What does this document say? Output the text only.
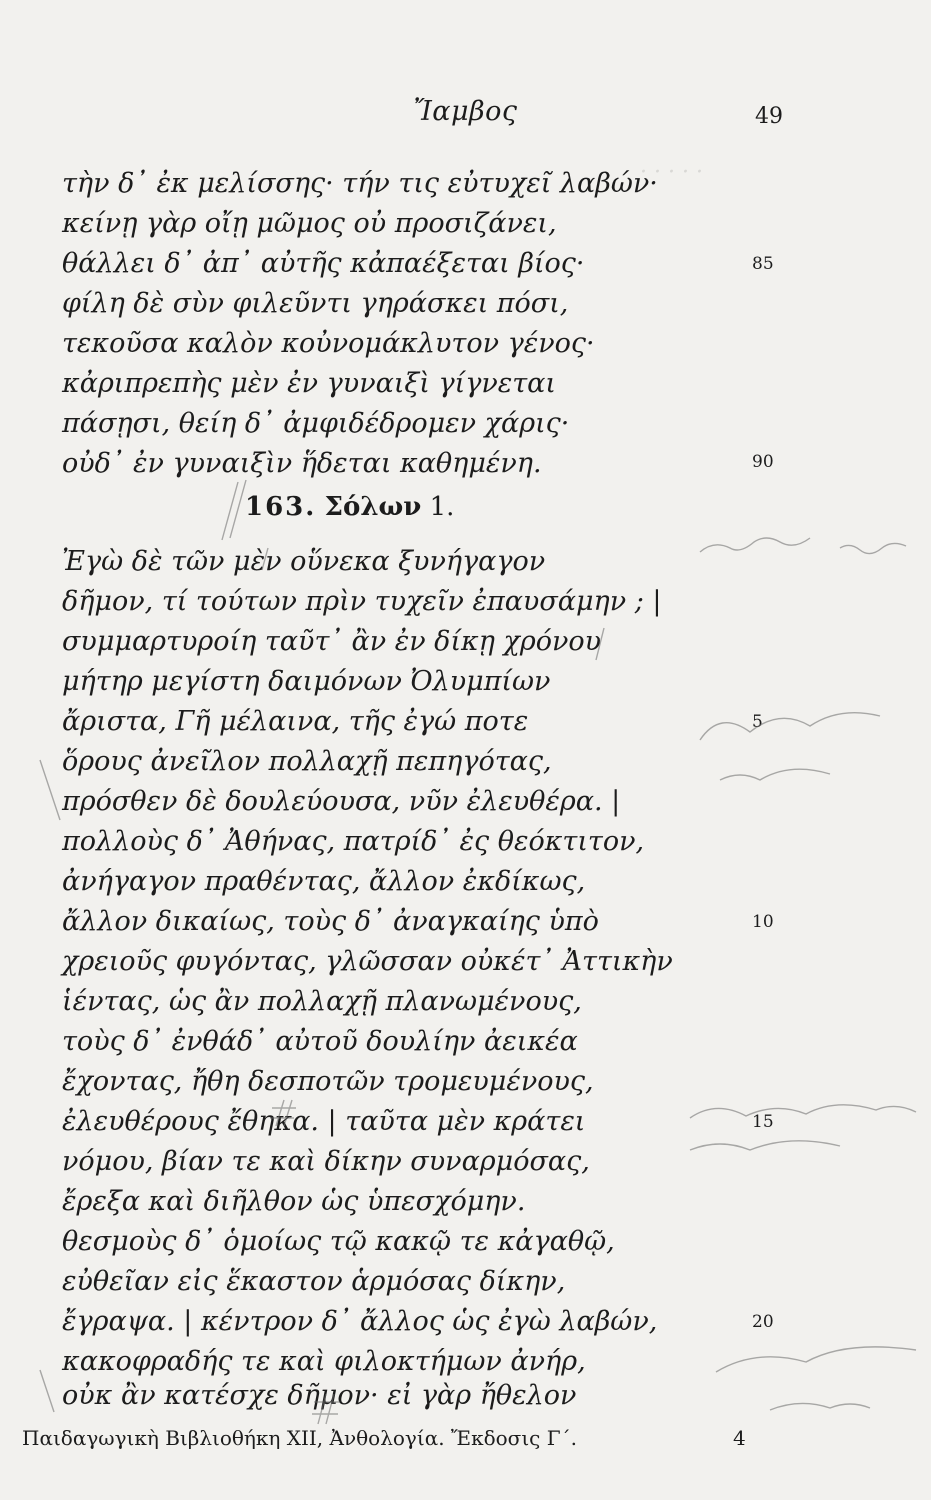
· · · · ·
Ἴαμβος	49
τὴν δ᾿ ἐκ μελίσσης· τήν τις εὐτυχεῖ λαβών·
κείνῃ γὰρ οἴῃ μῶμος οὐ προσιζάνει,
θάλλει δ᾿ ἀπ᾿ αὐτῆς κἀπαέξεται βίος·
φίλη δὲ σὺν φιλεῦντι γηράσκει πόσι,
τεκοῦσα καλὸν κοὐνομάκλυτον γένος·
κἀριπρεπὴς μὲν ἐν γυναιξὶ γίγνεται
πάσῃσι, θείη δ᾿ ἀμφιδέδρομεν χάρις·
οὐδ᾿ ἐν γυναιξὶν ἥδεται καθημένη.
85
90
163. Σόλων 1.
Ἐγὼ δὲ τῶν μὲν οὕνεκα ξυνήγαγον
δῆμον, τί τούτων πρὶν τυχεῖν ἐπαυσάμην ; |
συμμαρτυροίη ταῦτ᾿ ἂν ἐν δίκῃ χρόνου
μήτηρ μεγίστη δαιμόνων Ὀλυμπίων
ἄριστα, Γῆ μέλαινα, τῆς ἐγώ ποτε
ὅρους ἀνεῖλον πολλαχῇ πεπηγότας,
πρόσθεν δὲ δουλεύουσα, νῦν ἐλευθέρα. |
πολλοὺς δ᾿ Ἀθήνας, πατρίδ᾿ ἐς θεόκτιτον,
ἀνήγαγον πραθέντας, ἄλλον ἐκδίκως,
ἄλλον δικαίως, τοὺς δ᾿ ἀναγκαίης ὑπὸ
χρειοῦς φυγόντας, γλῶσσαν οὐκέτ᾿ Ἀττικὴν
ἱέντας, ὡς ἂν πολλαχῇ πλανωμένους,
τοὺς δ᾿ ἐνθάδ᾿ αὐτοῦ δουλίην ἀεικέα
ἔχοντας, ἤθη δεσποτῶν τρομευμένους,
ἐλευθέρους ἔθηκα. | ταῦτα μὲν κράτει
νόμου, βίαν τε καὶ δίκην συναρμόσας,
ἔρεξα καὶ διῆλθον ὡς ὑπεσχόμην.
θεσμοὺς δ᾿ ὁμοίως τῷ κακῷ τε κἀγαθῷ,
εὐθεῖαν εἰς ἕκαστον ἁρμόσας δίκην,
ἔγραψα. | κέντρον δ᾿ ἄλλος ὡς ἐγὼ λαβών,
κακοφραδής τε καὶ φιλοκτήμων ἀνήρ,
οὐκ ἂν κατέσχε δῆμον· εἰ γὰρ ἤθελον
5
10
15
20
Παιδαγωγικὴ Βιβλιοθήκη XII, Ἀνθολογία. Ἔκδοσις Γ΄.	4
